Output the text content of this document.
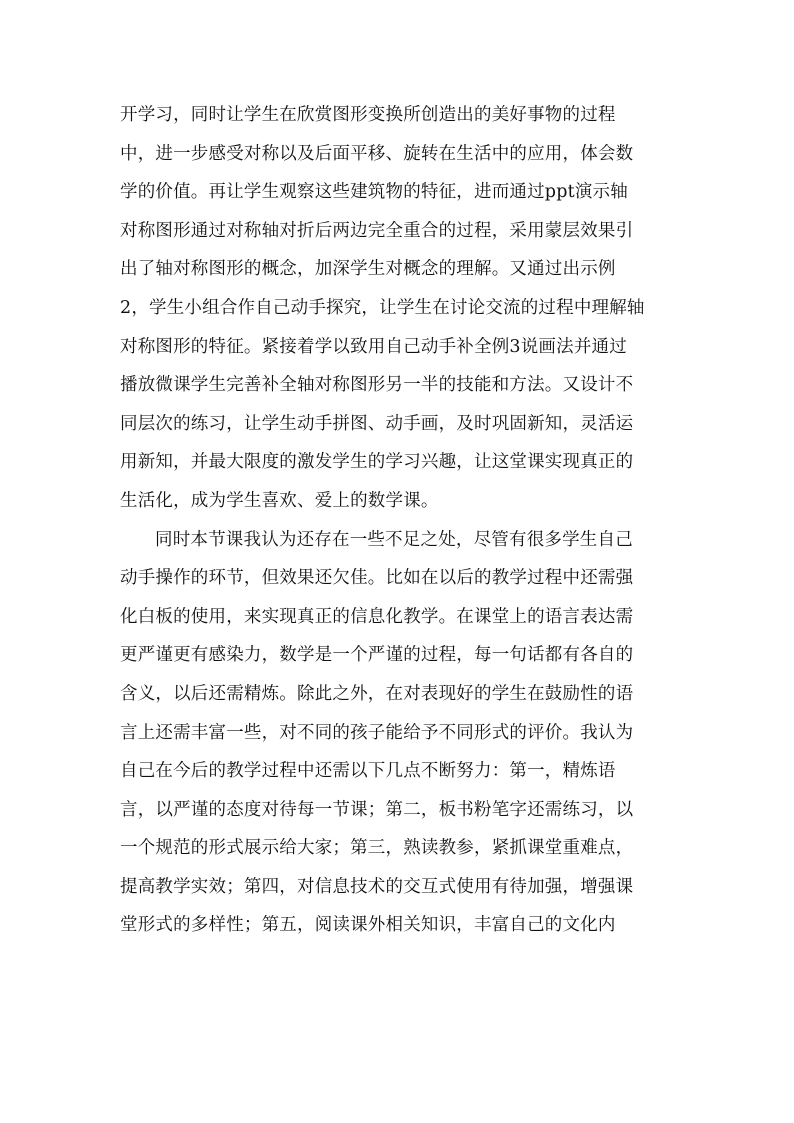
开学习，同时让学生在欣赏图形变换所创造出的美好事物的过程
中，进一步感受对称以及后面平移、旋转在生活中的应用，体会数
学的价值。再让学生观察这些建筑物的特征，进而通过ppt演示轴
对称图形通过对称轴对折后两边完全重合的过程，采用蒙层效果引
出了轴对称图形的概念，加深学生对概念的理解。又通过出示例
2，学生小组合作自己动手探究，让学生在讨论交流的过程中理解轴
对称图形的特征。紧接着学以致用自己动手补全例3说画法并通过
播放微课学生完善补全轴对称图形另一半的技能和方法。又设计不
同层次的练习，让学生动手拼图、动手画，及时巩固新知，灵活运
用新知，并最大限度的激发学生的学习兴趣，让这堂课实现真正的
生活化，成为学生喜欢、爱上的数学课。
同时本节课我认为还存在一些不足之处，尽管有很多学生自己
动手操作的环节，但效果还欠佳。比如在以后的教学过程中还需强
化白板的使用，来实现真正的信息化教学。在课堂上的语言表达需
更严谨更有感染力，数学是一个严谨的过程，每一句话都有各自的
含义，以后还需精炼。除此之外，在对表现好的学生在鼓励性的语
言上还需丰富一些，对不同的孩子能给予不同形式的评价。我认为
自己在今后的教学过程中还需以下几点不断努力：第一，精炼语
言，以严谨的态度对待每一节课；第二，板书粉笔字还需练习，以
一个规范的形式展示给大家；第三，熟读教参，紧抓课堂重难点，
提高教学实效；第四，对信息技术的交互式使用有待加强，增强课
堂形式的多样性；第五，阅读课外相关知识，丰富自己的文化内
